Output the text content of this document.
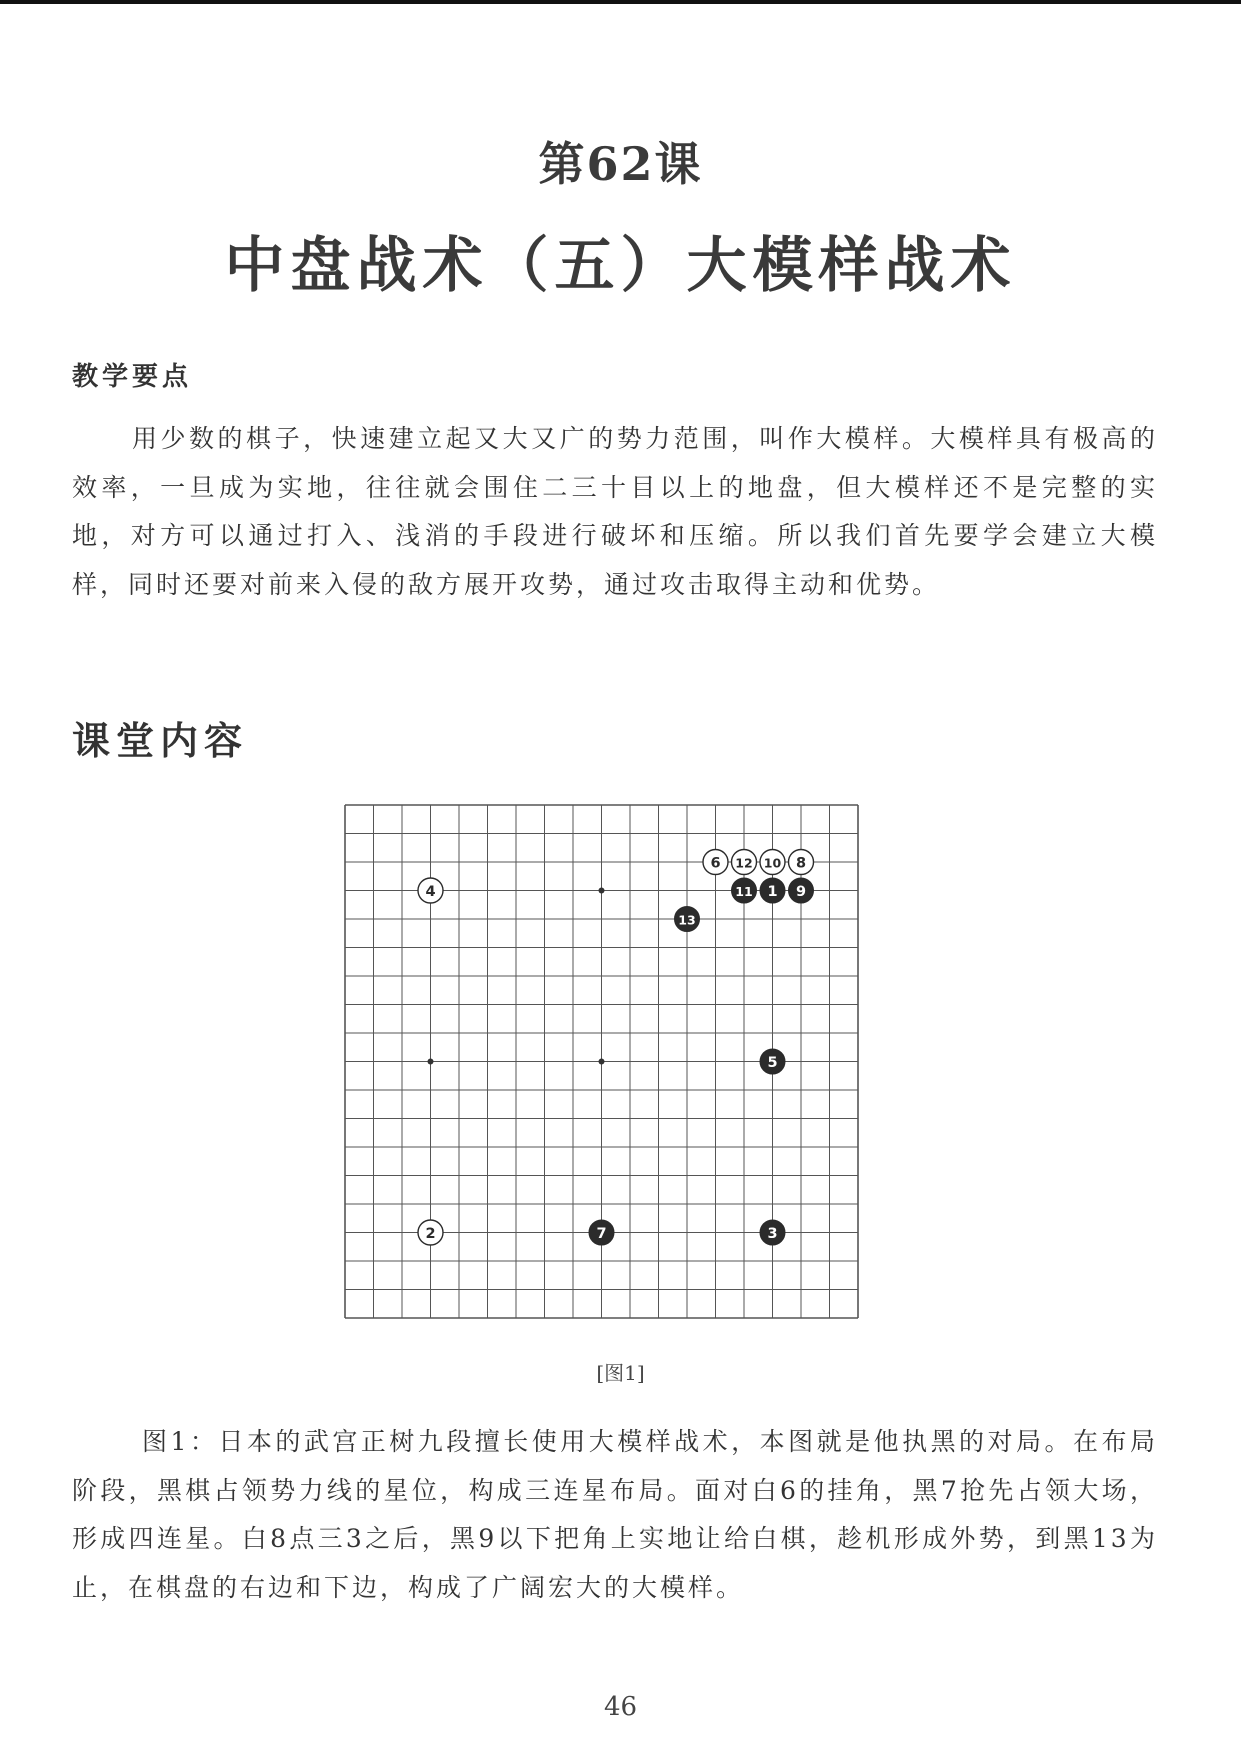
第62课
中盘战术（五）大模样战术
教学要点

用少数的棋子，快速建立起又大又广的势力范围，叫作大模样。大模样具有极高的效率，一旦成为实地，往往就会围住二三十目以上的地盘，但大模样还不是完整的实地，对方可以通过打入、浅消的手段进行破坏和压缩。所以我们首先要学会建立大模样，同时还要对前来入侵的敌方展开攻势，通过攻击取得主动和优势。

课堂内容
6 12 10 8
11 1 9
4
13
5
2	7	3
[图1]

图1：日本的武宫正树九段擅长使用大模样战术，本图就是他执黑的对局。在布局阶段，黑棋占领势力线的星位，构成三连星布局。面对白6的挂角，黑7抢先占领大场，形成四连星。白8点三3之后，黑9以下把角上实地让给白棋，趁机形成外势，到黑13为止，在棋盘的右边和下边，构成了广阔宏大的大模样。

46
